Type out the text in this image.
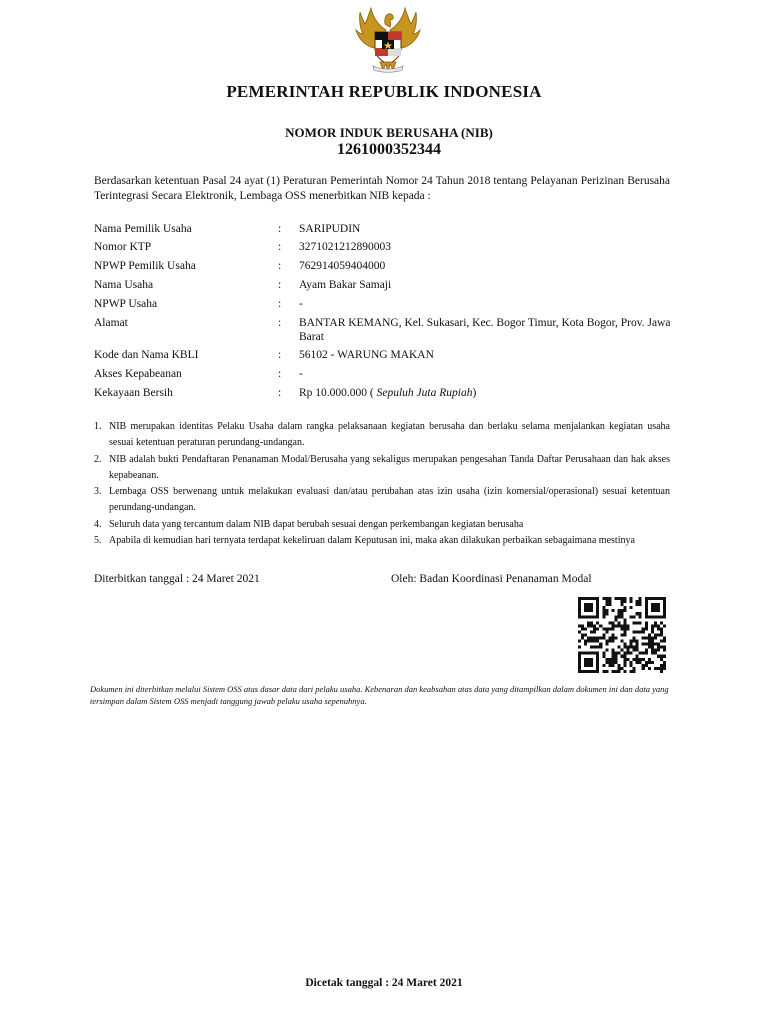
PEMERINTAH REPUBLIK INDONESIA
NOMOR INDUK BERUSAHA (NIB)
1261000352344
Berdasarkan ketentuan Pasal 24 ayat (1) Peraturan Pemerintah Nomor 24 Tahun 2018 tentang Pelayanan Perizinan Berusaha Terintegrasi Secara Elektronik, Lembaga OSS menerbitkan NIB kepada :
Nama Pemilik Usaha	: SARIPUDIN
Nomor KTP	: 3271021212890003
NPWP Pemilik Usaha	: 762914059404000
Nama Usaha	: Ayam Bakar Samaji
NPWP Usaha	: -
Alamat	: BANTAR KEMANG, Kel. Sukasari, Kec. Bogor Timur, Kota Bogor, Prov. Jawa Barat
Kode dan Nama KBLI	: 56102 - WARUNG MAKAN
Akses Kepabeanan	: -
Kekayaan Bersih	: Rp 10.000.000 ( Sepuluh Juta Rupiah)
1. NIB merupakan identitas Pelaku Usaha dalam rangka pelaksanaan kegiatan berusaha dan berlaku selama menjalankan kegiatan usaha sesuai ketentuan peraturan perundang-undangan.
2. NIB adalah bukti Pendaftaran Penanaman Modal/Berusaha yang sekaligus merupakan pengesahan Tanda Daftar Perusahaan dan hak akses kepabeanan.
3. Lembaga OSS berwenang untuk melakukan evaluasi dan/atau perubahan atas izin usaha (izin komersial/operasional) sesuai ketentuan perundang-undangan.
4. Seluruh data yang tercantum dalam NIB dapat berubah sesuai dengan perkembangan kegiatan berusaha
5. Apabila di kemudian hari ternyata terdapat kekeliruan dalam Keputusan ini, maka akan dilakukan perbaikan sebagaimana mestinya
Diterbitkan tanggal : 24 Maret 2021	Oleh: Badan Koordinasi Penanaman Modal
Dokumen ini diterbitkan melalui Sistem OSS atas dasar data dari pelaku usaha. Kebenaran dan keabsahan atas data yang ditampilkan dalam dokumen ini dan data yang tersimpan dalam Sistem OSS menjadi tanggung jawab pelaku usaha sepenuhnya.
Dicetak tanggal : 24 Maret 2021
